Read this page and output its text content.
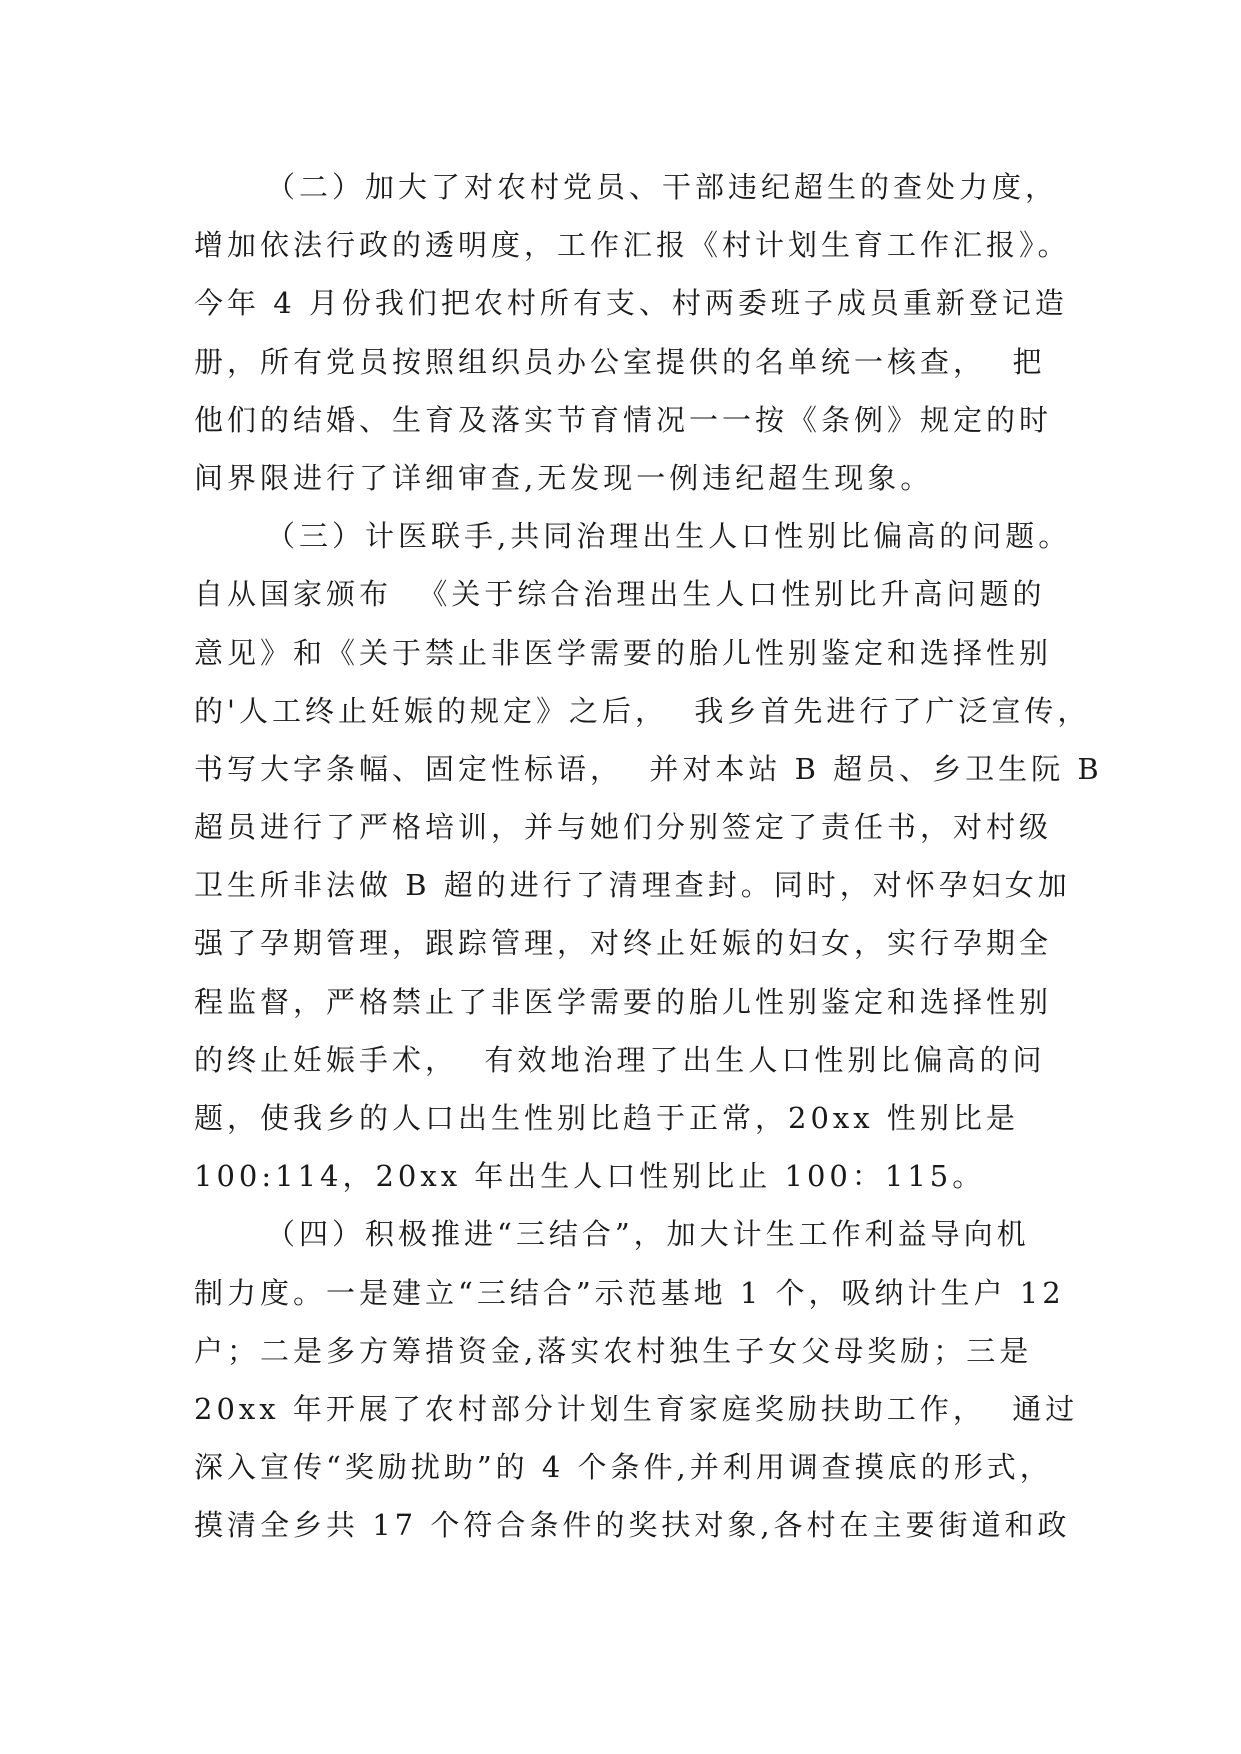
（二）加大了对农村党员、干部违纪超生的查处力度，
增加依法行政的透明度，工作汇报《村计划生育工作汇报》。
今年 4 月份我们把农村所有支、村两委班子成员重新登记造
册，所有党员按照组织员办公室提供的名单统一核查，  把
他们的结婚、生育及落实节育情况一一按《条例》规定的时
间界限进行了详细审查,无发现一例违纪超生现象。
（三）计医联手,共同治理出生人口性别比偏高的问题。
自从国家颁布  《关于综合治理出生人口性别比升高问题的
意见》和《关于禁止非医学需要的胎儿性别鉴定和选择性别
的'人工终止妊娠的规定》之后，  我乡首先进行了广泛宣传，
书写大字条幅、固定性标语，  并对本站 B 超员、乡卫生阮 B
超员进行了严格培训，并与她们分别签定了责任书，对村级
卫生所非法做 B 超的进行了清理查封。同时，对怀孕妇女加
强了孕期管理，跟踪管理，对终止妊娠的妇女，实行孕期全
程监督，严格禁止了非医学需要的胎儿性别鉴定和选择性别
的终止妊娠手术，  有效地治理了出生人口性别比偏高的问
题，使我乡的人口出生性别比趋于正常，20xx 性别比是
100:114，20xx 年出生人口性别比止 100：115。
（四）积极推进“三结合”，加大计生工作利益导向机
制力度。一是建立“三结合”示范基地 1 个，吸纳计生户 12
户；二是多方筹措资金,落实农村独生子女父母奖励；三是
20xx 年开展了农村部分计划生育家庭奖励扶助工作，  通过
深入宣传“奖励扰助”的 4 个条件,并利用调查摸底的形式，
摸清全乡共 17 个符合条件的奖扶对象,各村在主要街道和政
